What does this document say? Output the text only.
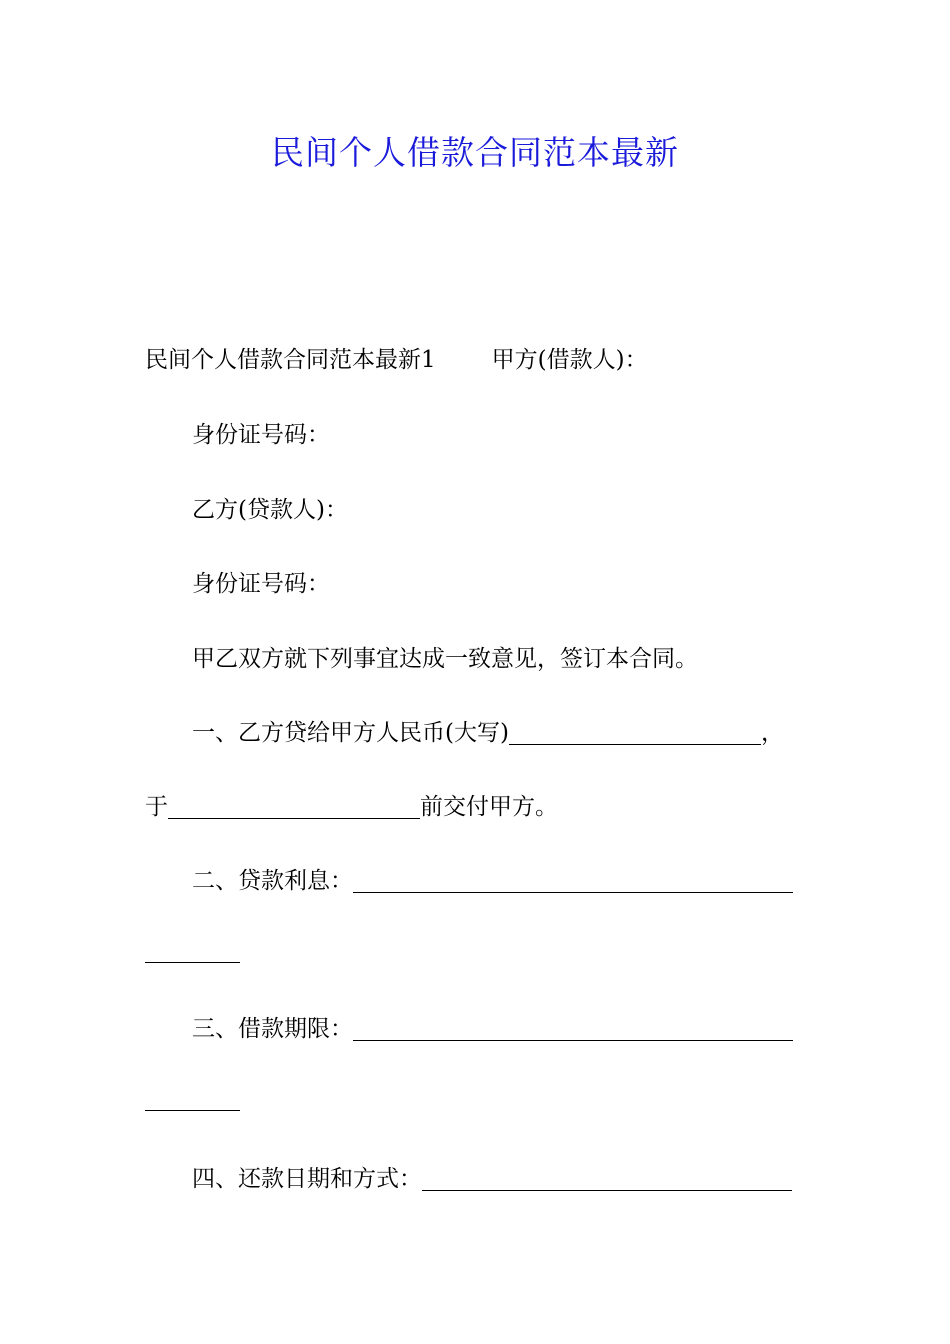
民间个人借款合同范本最新
民间个人借款合同范本最新1 甲方(借款人)：
身份证号码：
乙方(贷款人)：
身份证号码：
甲乙双方就下列事宜达成一致意见，签订本合同。
一、乙方贷给甲方人民币(大写)	，
于	前交付甲方。
二、贷款利息：
三、借款期限：
四、还款日期和方式：
